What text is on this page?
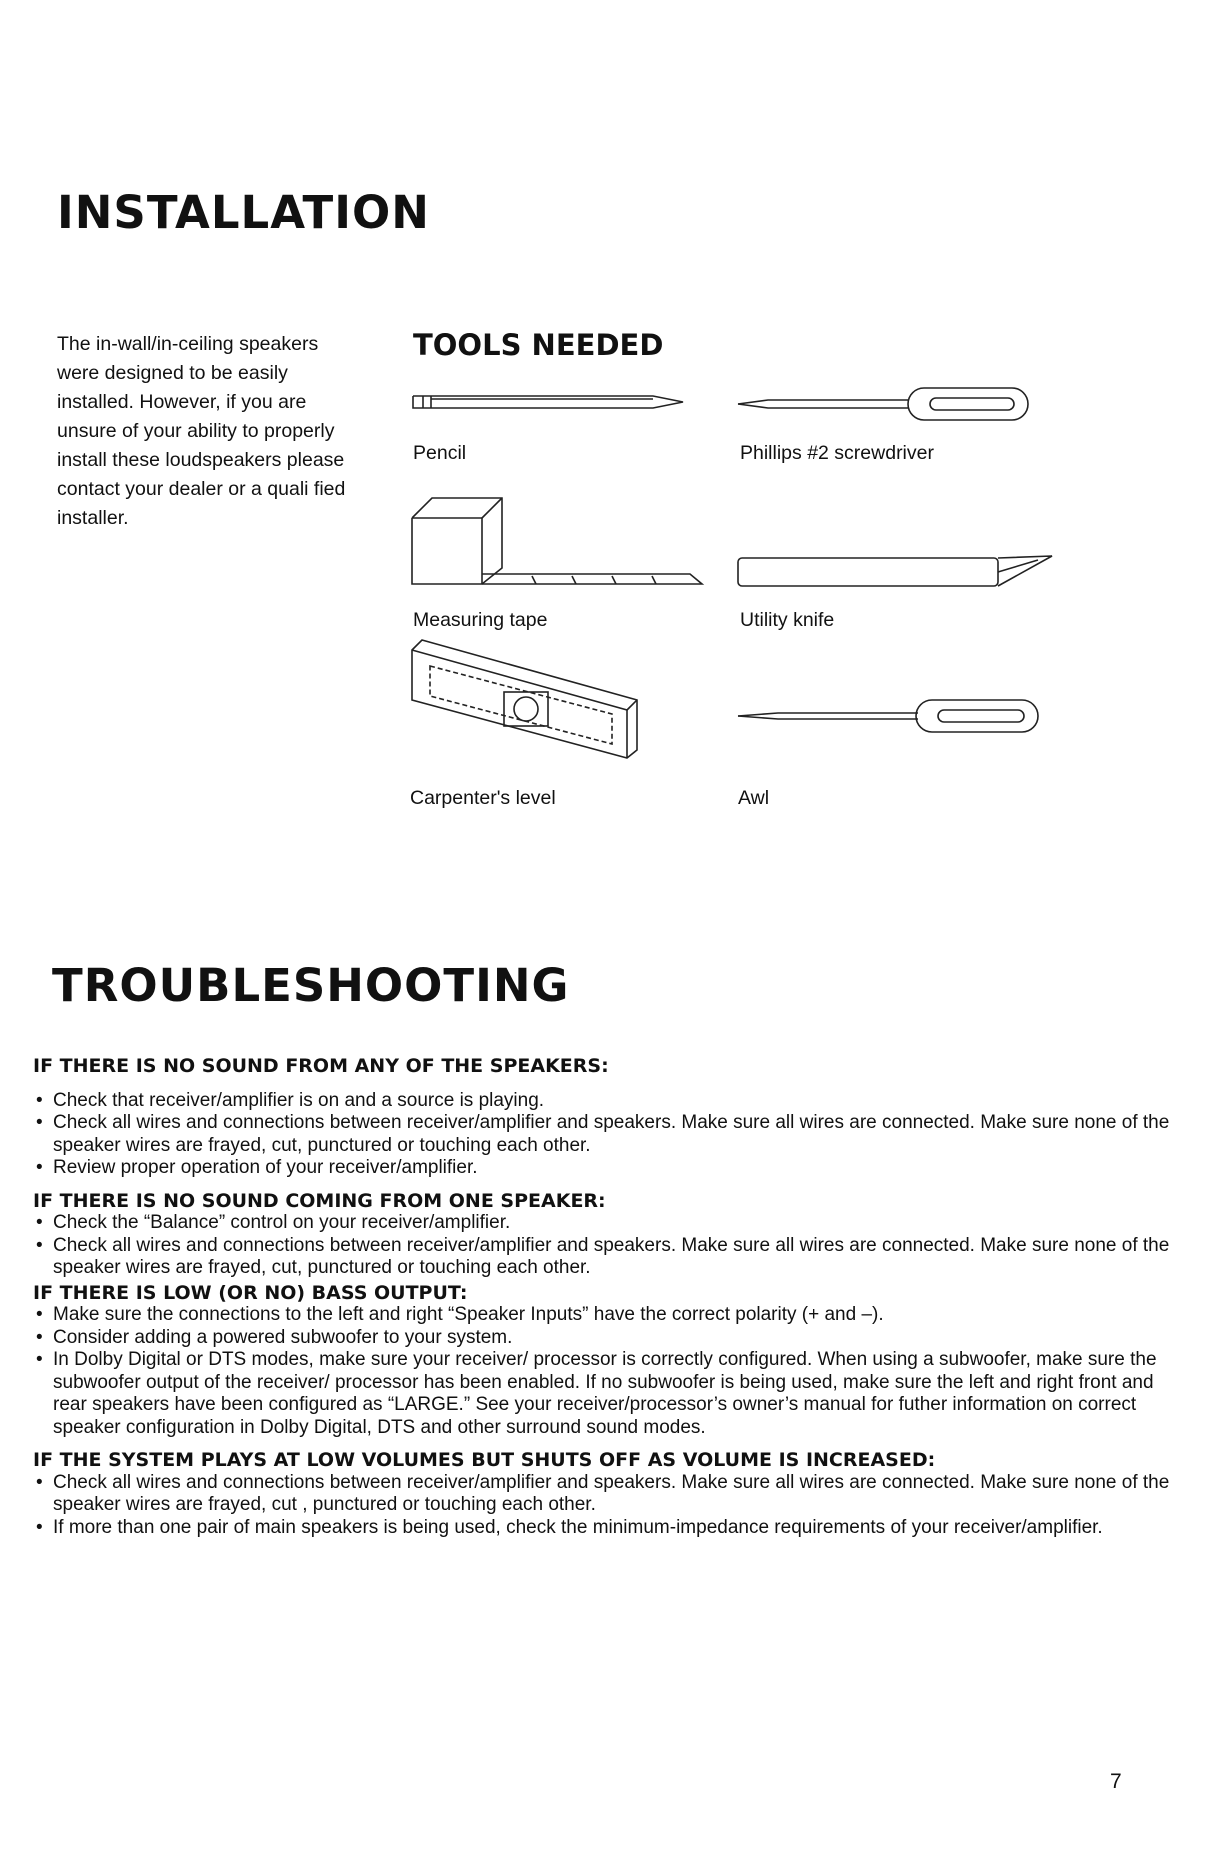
INSTALLATION
The in-wall/in-ceiling speakers were designed to be easily installed. However, if you are unsure of your ability to properly install these loudspeakers please contact your dealer or a quali fied installer.
TOOLS NEEDED
Pencil	Phillips #2 screwdriver
Measuring tape	Utility knife
Carpenter's level	Awl
TROUBLESHOOTING

IF THERE IS NO SOUND FROM ANY OF THE SPEAKERS:

• Check that receiver/amplifier is on and a source is playing.
• Check all wires and connections between receiver/amplifier and speakers. Make sure all wires are connected. Make sure none of the speaker wires are frayed, cut, punctured or touching each other.
• Review proper operation of your receiver/amplifier.

IF THERE IS NO SOUND COMING FROM ONE SPEAKER:

• Check the “Balance” control on your receiver/amplifier.
• Check all wires and connections between receiver/amplifier and speakers. Make sure all wires are connected. Make sure none of the speaker wires are frayed, cut, punctured or touching each other.

IF THERE IS LOW (OR NO) BASS OUTPUT:

• Make sure the connections to the left and right “Speaker Inputs” have the correct polarity (+ and –).
• Consider adding a powered subwoofer to your system.
• In Dolby Digital or DTS modes, make sure your receiver/ processor is correctly configured. When using a subwoofer, make sure the subwoofer output of the receiver/ processor has been enabled. If no subwoofer is being used, make sure the left and right front and rear speakers have been configured as “LARGE.” See your receiver/processor’s owner’s manual for futher information on correct speaker configuration in Dolby Digital, DTS and other surround sound modes.

IF THE SYSTEM PLAYS AT LOW VOLUMES BUT SHUTS OFF AS VOLUME IS INCREASED:

• Check all wires and connections between receiver/amplifier and speakers. Make sure all wires are connected. Make sure none of the speaker wires are frayed, cut , punctured or touching each other.
• If more than one pair of main speakers is being used, check the minimum-impedance requirements of your receiver/amplifier.
7
